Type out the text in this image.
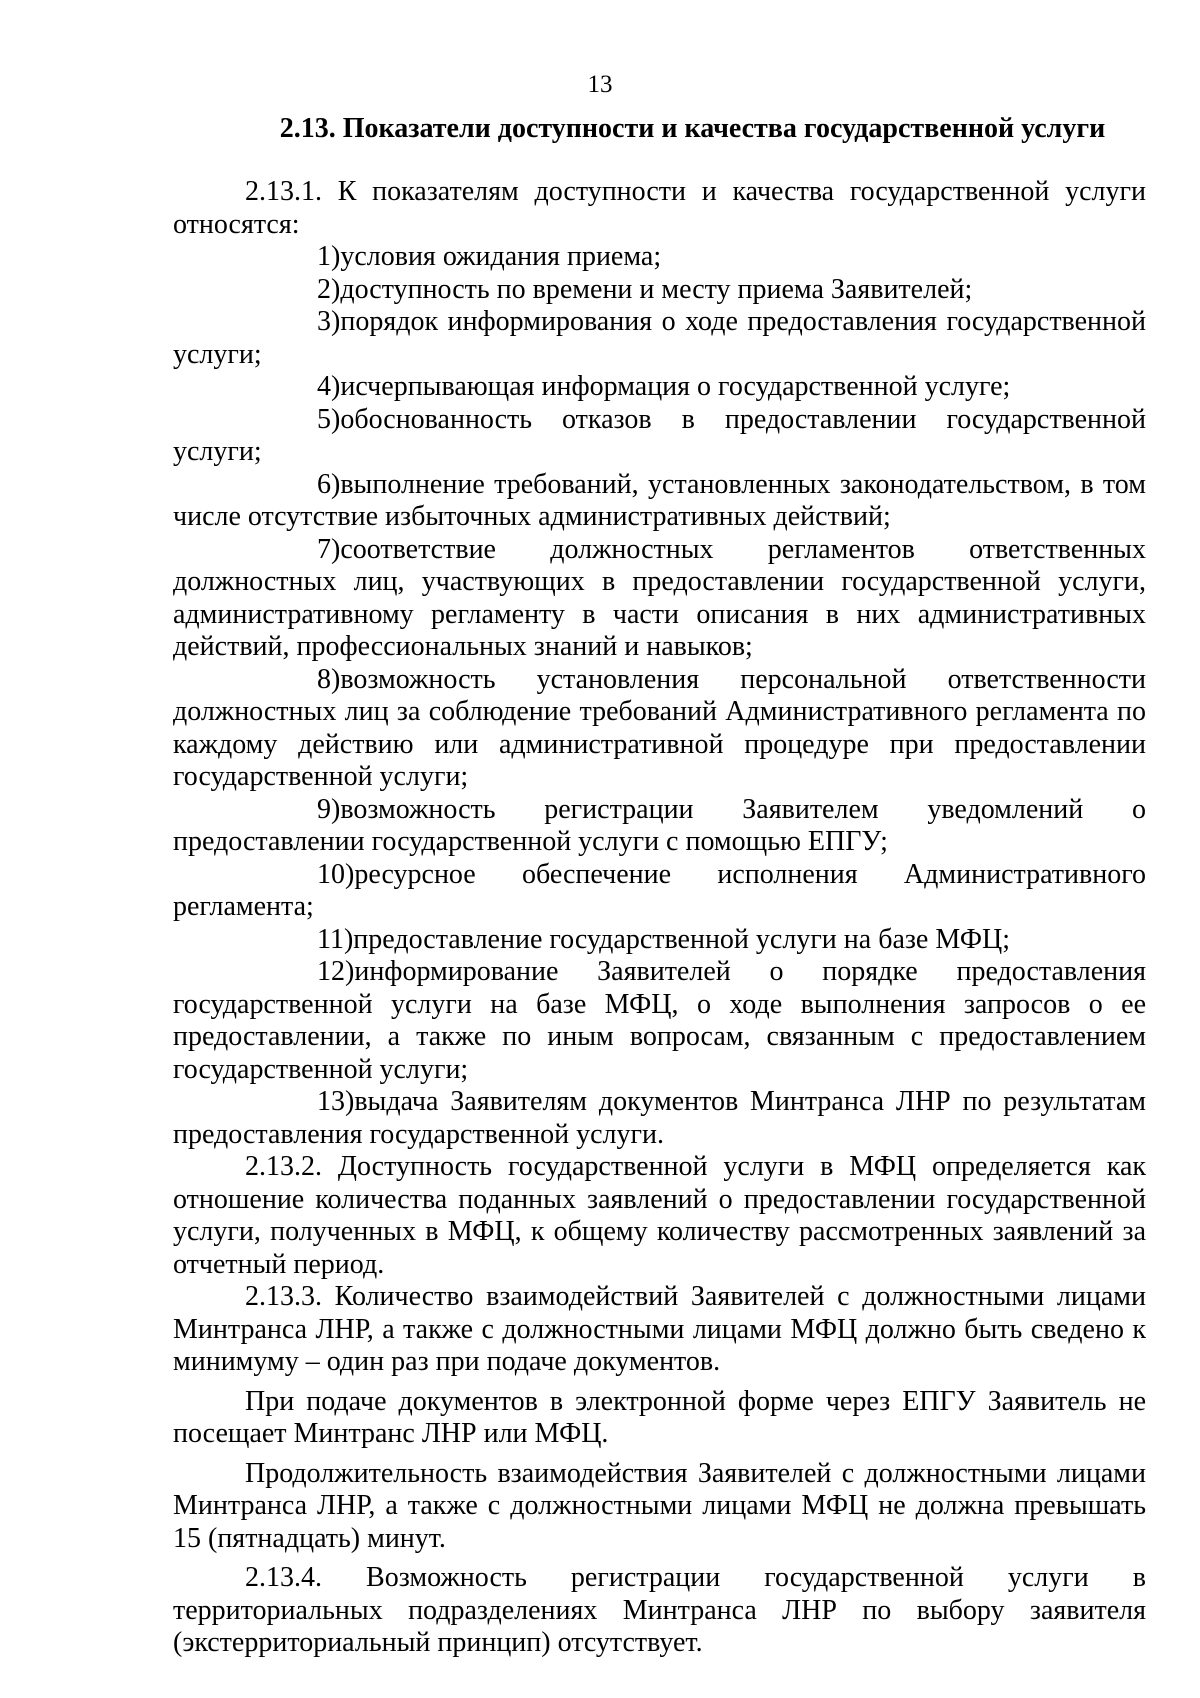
13

2.13. Показатели доступности и качества государственной услуги

2.13.1. К показателям доступности и качества государственной услуги относятся:

1)условия ожидания приема;

2)доступность по времени и месту приема Заявителей;

3)порядок информирования о ходе предоставления государственной услуги;

4)исчерпывающая информация о государственной услуге;

5)обоснованность отказов в предоставлении государственной услуги;

6)выполнение требований, установленных законодательством, в том числе отсутствие избыточных административных действий;

7)соответствие должностных регламентов ответственных должностных лиц, участвующих в предоставлении государственной услуги, административному регламенту в части описания в них административных действий, профессиональных знаний и навыков;

8)возможность установления персональной ответственности должностных лиц за соблюдение требований Административного регламента по каждому действию или административной процедуре при предоставлении государственной услуги;

9)возможность регистрации Заявителем уведомлений о предоставлении государственной услуги с помощью ЕПГУ;

10)ресурсное обеспечение исполнения Административного регламента;

11)предоставление государственной услуги на базе МФЦ;

12)информирование Заявителей о порядке предоставления государственной услуги на базе МФЦ, о ходе выполнения запросов о ее предоставлении, а также по иным вопросам, связанным с предоставлением государственной услуги;

13)выдача Заявителям документов Минтранса ЛНР по результатам предоставления государственной услуги.

2.13.2. Доступность государственной услуги в МФЦ определяется как отношение количества поданных заявлений о предоставлении государственной услуги, полученных в МФЦ, к общему количеству рассмотренных заявлений за отчетный период.

2.13.3. Количество взаимодействий Заявителей с должностными лицами Минтранса ЛНР, а также с должностными лицами МФЦ должно быть сведено к минимуму – один раз при подаче документов.

При подаче документов в электронной форме через ЕПГУ Заявитель не посещает Минтранс ЛНР или МФЦ.

Продолжительность взаимодействия Заявителей с должностными лицами Минтранса ЛНР, а также с должностными лицами МФЦ не должна превышать 15 (пятнадцать) минут.

2.13.4. Возможность регистрации государственной услуги в территориальных подразделениях Минтранса ЛНР по выбору заявителя (экстерриториальный принцип) отсутствует.
